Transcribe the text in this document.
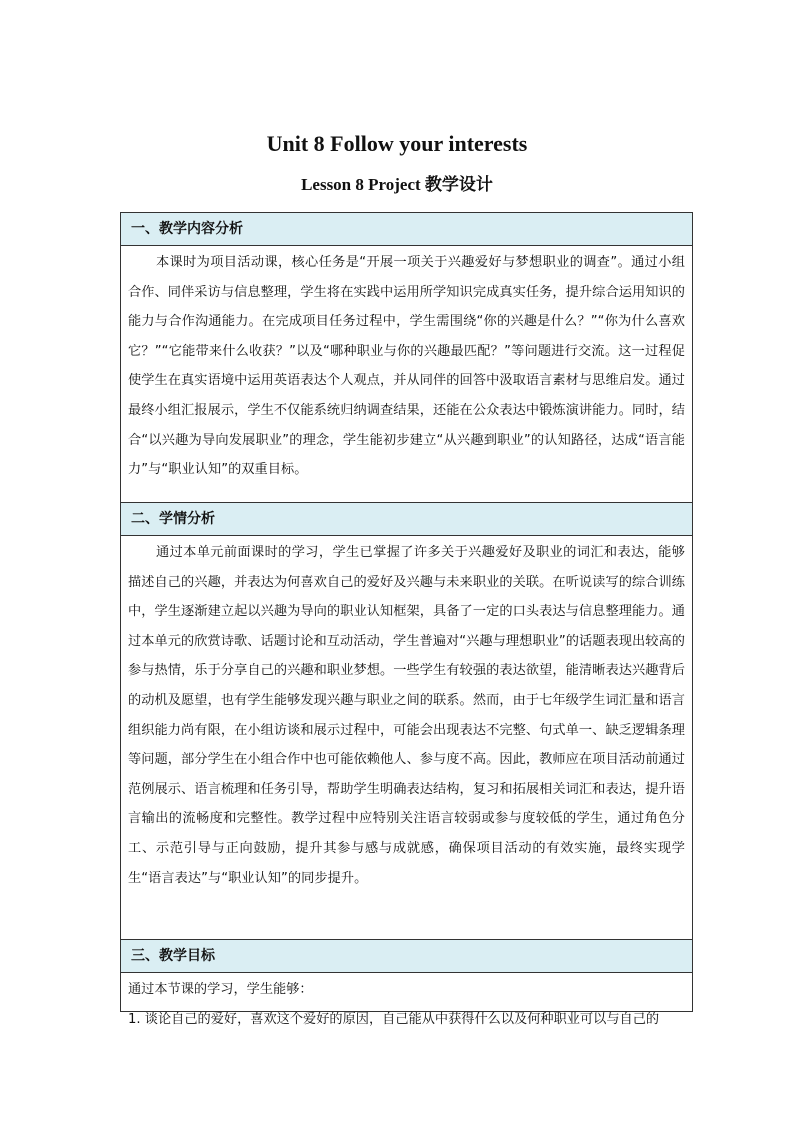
Unit 8 Follow your interests
Lesson 8 Project 教学设计
一、教学内容分析

本课时为项目活动课，核心任务是“开展一项关于兴趣爱好与梦想职业的调查”。通过小组合作、同伴采访与信息整理，学生将在实践中运用所学知识完成真实任务，提升综合运用知识的能力与合作沟通能力。在完成项目任务过程中，学生需围绕“你的兴趣是什么？”“你为什么喜欢它？”“它能带来什么收获？”以及“哪种职业与你的兴趣最匹配？”等问题进行交流。这一过程促使学生在真实语境中运用英语表达个人观点，并从同伴的回答中汲取语言素材与思维启发。通过最终小组汇报展示，学生不仅能系统归纳调查结果，还能在公众表达中锻炼演讲能力。同时，结合“以兴趣为导向发展职业”的理念，学生能初步建立“从兴趣到职业”的认知路径，达成“语言能力”与“职业认知”的双重目标。

二、学情分析

通过本单元前面课时的学习，学生已掌握了许多关于兴趣爱好及职业的词汇和表达，能够描述自己的兴趣，并表达为何喜欢自己的爱好及兴趣与未来职业的关联。在听说读写的综合训练中，学生逐渐建立起以兴趣为导向的职业认知框架，具备了一定的口头表达与信息整理能力。通过本单元的欣赏诗歌、话题讨论和互动活动，学生普遍对“兴趣与理想职业”的话题表现出较高的参与热情，乐于分享自己的兴趣和职业梦想。一些学生有较强的表达欲望，能清晰表达兴趣背后的动机及愿望，也有学生能够发现兴趣与职业之间的联系。然而，由于七年级学生词汇量和语言组织能力尚有限，在小组访谈和展示过程中，可能会出现表达不完整、句式单一、缺乏逻辑条理等问题，部分学生在小组合作中也可能依赖他人、参与度不高。因此，教师应在项目活动前通过范例展示、语言梳理和任务引导，帮助学生明确表达结构，复习和拓展相关词汇和表达，提升语言输出的流畅度和完整性。教学过程中应特别关注语言较弱或参与度较低的学生，通过角色分工、示范引导与正向鼓励，提升其参与感与成就感，确保项目活动的有效实施，最终实现学生“语言表达”与“职业认知”的同步提升。

三、教学目标

通过本节课的学习，学生能够：

1. 谈论自己的爱好，喜欢这个爱好的原因，自己能从中获得什么以及何种职业可以与自己的
